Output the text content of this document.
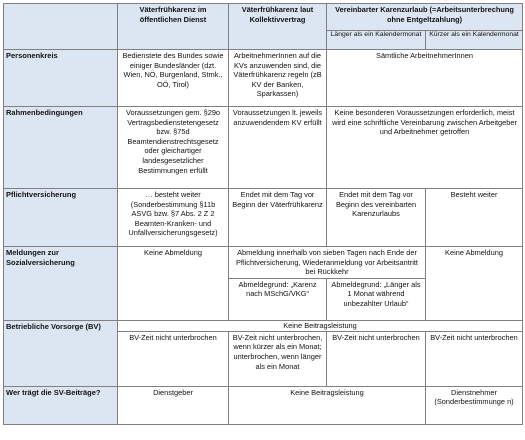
	Väterfrühkarenz im öffentlichen Dienst	Väterfrühkarenz laut Kollektivvertrag	Vereinbarter Karenzurlaub (=Arbeitsunterbrechung ohne Entgeltzahlung)	
			Länger als ein Kalendermonat	Kürzer als ein Kalendermonat
Personenkreis	Bedienstete des Bundes sowie einiger Bundesländer (dzt. Wien, NÖ, Burgenland, Stmk., OÖ, Tirol)	ArbeitnehmerInnen auf die KVs anzuwenden sind, die Väterfrühkarenz regeln (zB KV der Banken, Sparkassen)	Sämtliche ArbeitnehmerInnen	
Rahmenbedingungen	Voraussetzungen gem. §29o Vertragsbedienstetengesetz bzw. §75d Beamtendienstrechtsgesetz oder gleichartiger landesgesetzlicher Bestimmungen erfüllt	Voraussetzungen lt. jeweils anzuwendendem KV erfüllt	Keine besonderen Voraussetzungen erforderlich, meist wird eine schriftliche Vereinbarung zwischen Arbeitgeber und Arbeitnehmer getroffen	
Pflichtversicherung	… besteht weiter (Sonderbestimmung §11b ASVG bzw. §7 Abs. 2 Z 2 Beamten-Kranken- und Unfallversicherungsgesetz)	Endet mit dem Tag vor Beginn der Väterfrühkarenz	Endet mit dem Tag vor Beginn des vereinbarten Karenzurlaubs	Besteht weiter
Meldungen zur Sozialversicherung	Keine Abmeldung	Abmeldung innerhalb von sieben Tagen nach Ende der Pflichtversicherung, Wiederanmeldung vor Arbeitsantritt bei Rückkehr		Keine Abmeldung
		Abmeldegrund: „Karenz nach MSchG/VKG“	Abmeldegrund: „Länger als 1 Monat während unbezahlter Urlaub“	
Betriebliche Vorsorge (BV)	Keine Beitragsleistung			
	BV-Zeit nicht unterbrochen	BV-Zeit nicht unterbrochen, wenn kürzer als ein Monat; unterbrochen, wenn länger als ein Monat	BV-Zeit nicht unterbrochen	BV-Zeit nicht unterbrochen
Wer trägt die SV-Beiträge?	Dienstgeber	Keine Beitragsleistung		Dienstnehmer (Sonderbestimmunge n)
